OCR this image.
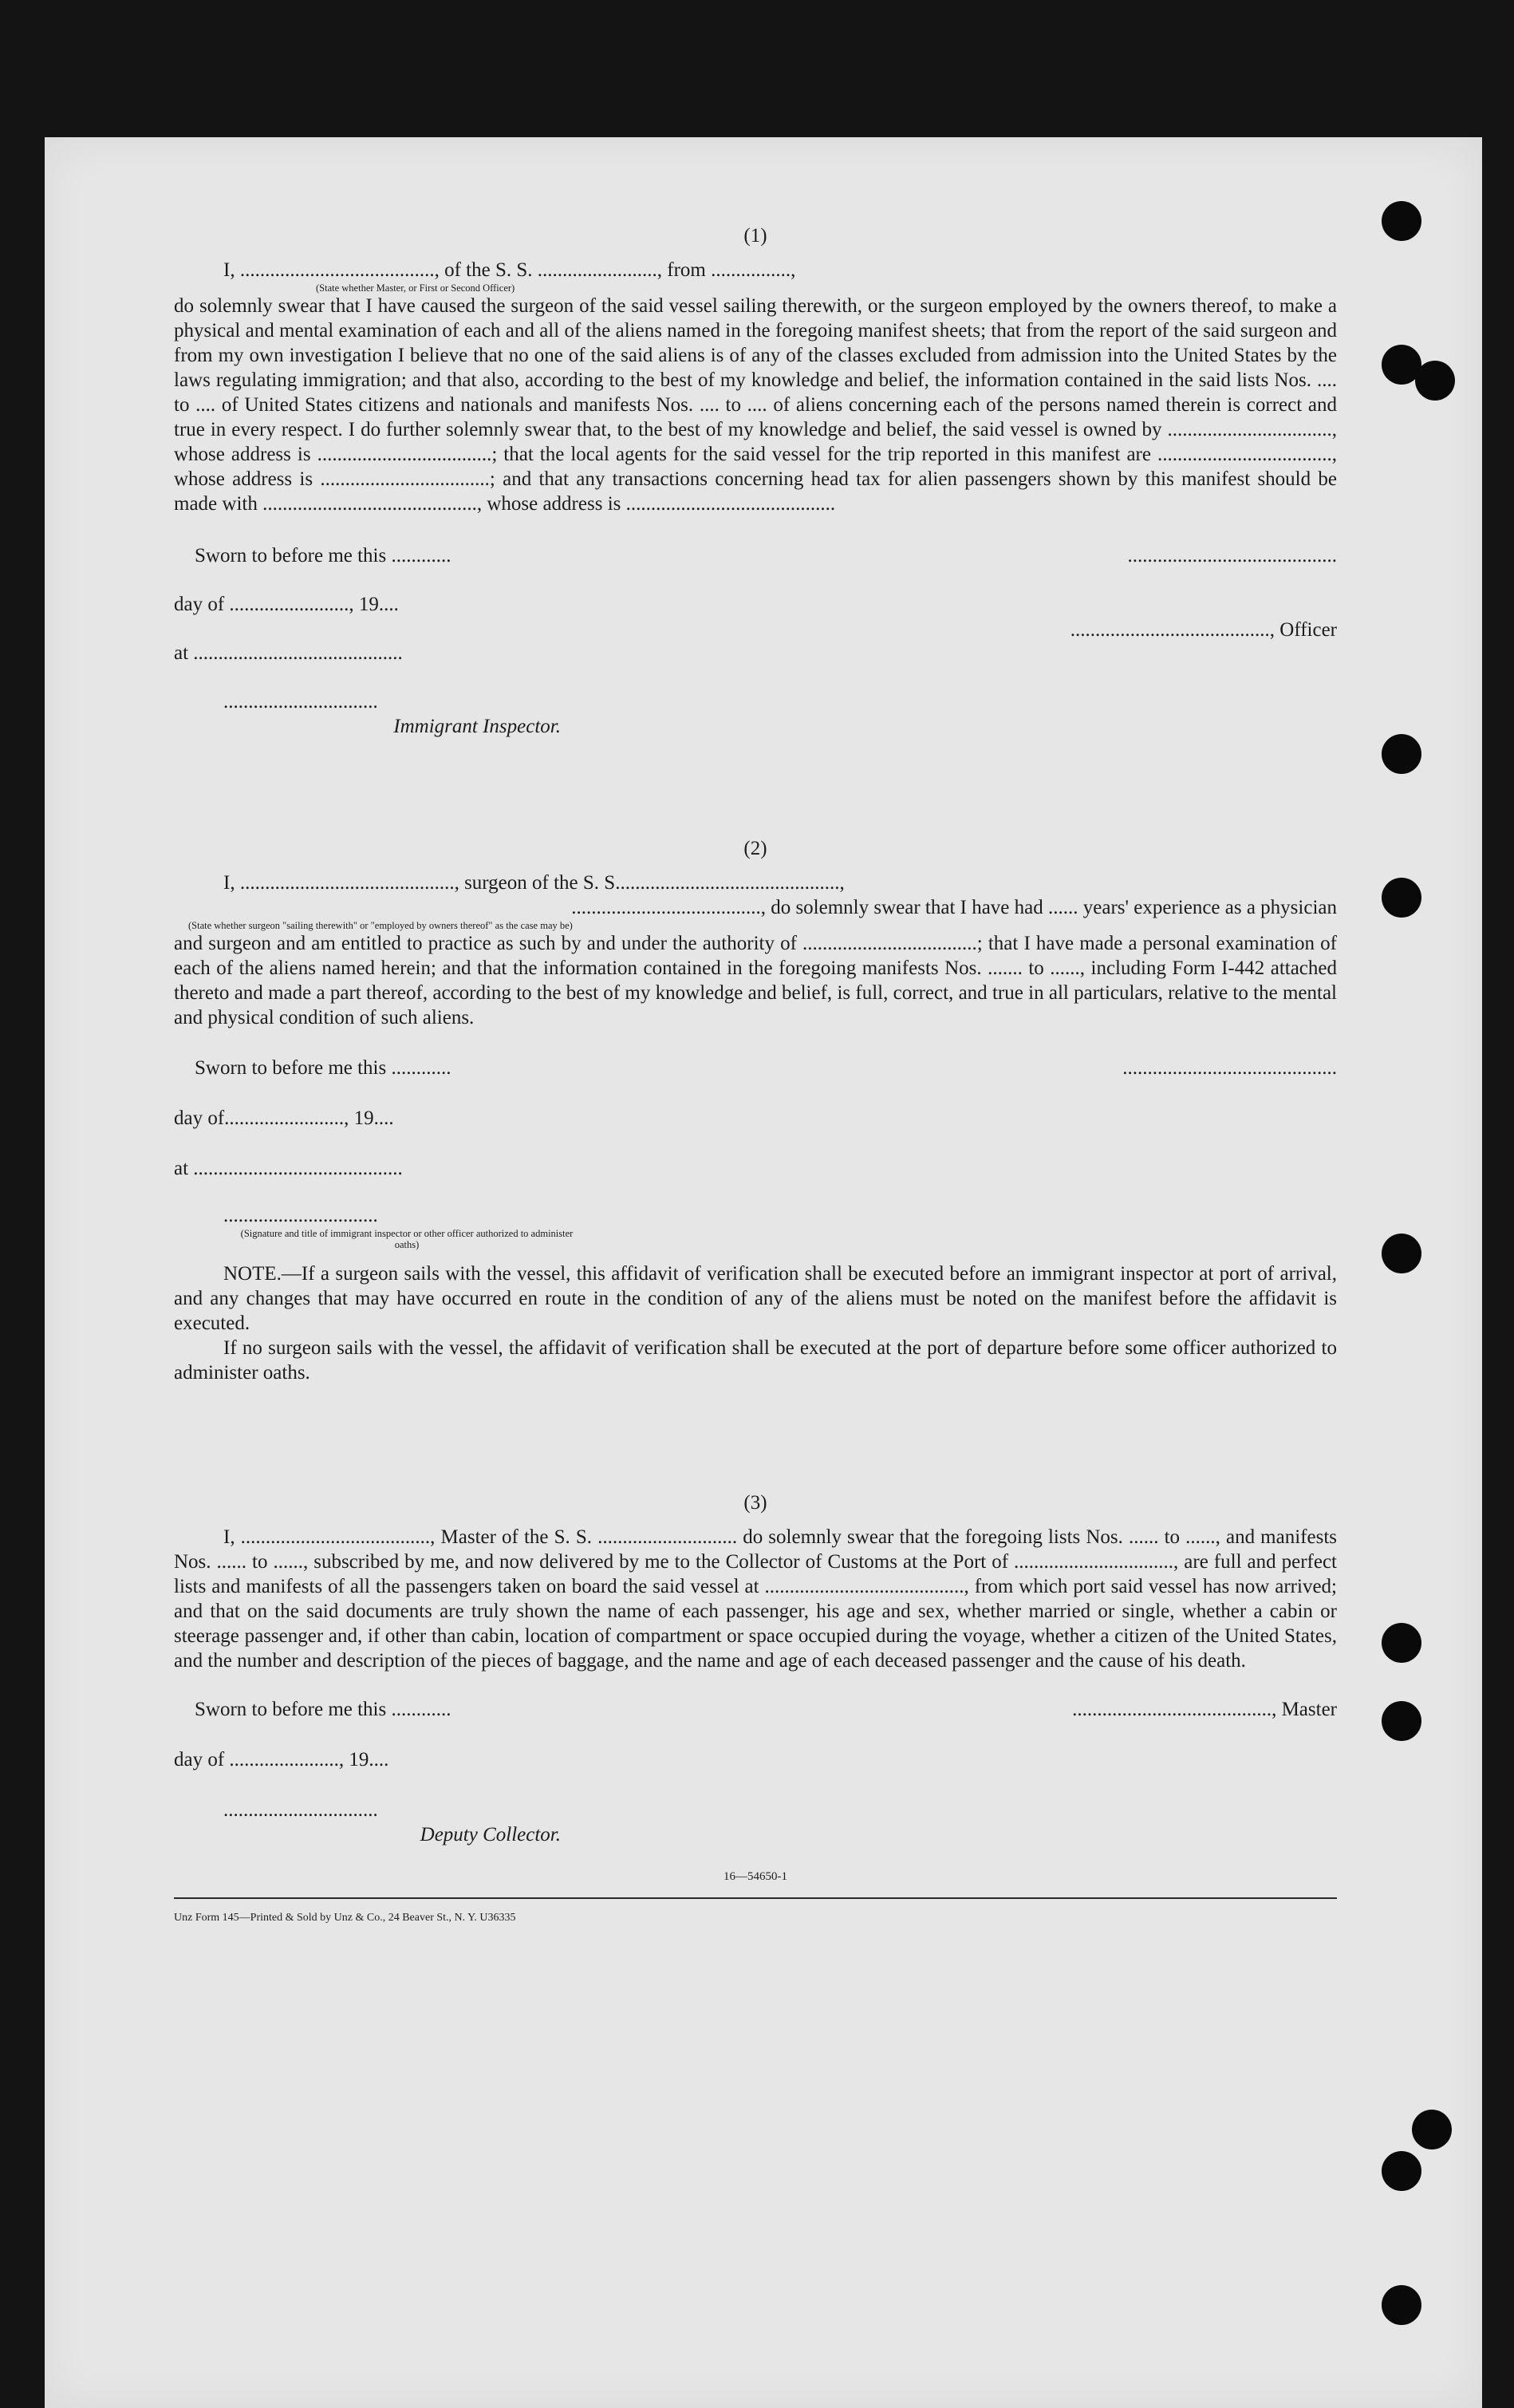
(1)

I, ......................................., of the S. S. ........................, from ................,

(State whether Master, or First or Second Officer)

do solemnly swear that I have caused the surgeon of the said vessel sailing therewith, or the surgeon employed by the owners thereof, to make a physical and mental examination of each and all of the aliens named in the foregoing manifest sheets; that from the report of the said surgeon and from my own investigation I believe that no one of the said aliens is of any of the classes excluded from admission into the United States by the laws regulating immigration; and that also, according to the best of my knowledge and belief, the information contained in the said lists Nos. .... to .... of United States citizens and nationals and manifests Nos. .... to .... of aliens concerning each of the persons named therein is correct and true in every respect. I do further solemnly swear that, to the best of my knowledge and belief, the said vessel is owned by ................................., whose address is ...................................; that the local agents for the said vessel for the trip reported in this manifest are ..................................., whose address is ..................................; and that any transactions concerning head tax for alien passengers shown by this manifest should be made with ..........................................., whose address is ..........................................

Sworn to before me this ............
day of ........................, 19....
at ..........................................
...............................
Immigrant Inspector.
..........................................
........................................, Officer
(2)

I, ..........................................., surgeon of the S. S.............................................,

......................................, do solemnly swear that I have had ...... years' experience as a physician

(State whether surgeon "sailing therewith" or "employed by owners thereof" as the case may be)

and surgeon and am entitled to practice as such by and under the authority of ...................................; that I have made a personal examination of each of the aliens named herein; and that the information contained in the foregoing manifests Nos. ....... to ......, including Form I-442 attached thereto and made a part thereof, according to the best of my knowledge and belief, is full, correct, and true in all particulars, relative to the mental and physical condition of such aliens.

Sworn to before me this ............
day of........................, 19....
at ..........................................
...............................
(Signature and title of immigrant inspector or other officer authorized to administer oaths)
...........................................

NOTE.—If a surgeon sails with the vessel, this affidavit of verification shall be executed before an immigrant inspector at port of arrival, and any changes that may have occurred en route in the condition of any of the aliens must be noted on the manifest before the affidavit is executed.

If no surgeon sails with the vessel, the affidavit of verification shall be executed at the port of departure before some officer authorized to administer oaths.

(3)

I, ......................................, Master of the S. S. ............................ do solemnly swear that the foregoing lists Nos. ...... to ......, and manifests Nos. ...... to ......, subscribed by me, and now delivered by me to the Collector of Customs at the Port of ................................, are full and perfect lists and manifests of all the passengers taken on board the said vessel at ........................................, from which port said vessel has now arrived; and that on the said documents are truly shown the name of each passenger, his age and sex, whether married or single, whether a cabin or steerage passenger and, if other than cabin, location of compartment or space occupied during the voyage, whether a citizen of the United States, and the number and description of the pieces of baggage, and the name and age of each deceased passenger and the cause of his death.

Sworn to before me this ............
day of ......................, 19....
...............................
Deputy Collector.
........................................, Master
16—54650-1
Unz Form 145—Printed & Sold by Unz & Co., 24 Beaver St., N. Y. U36335
